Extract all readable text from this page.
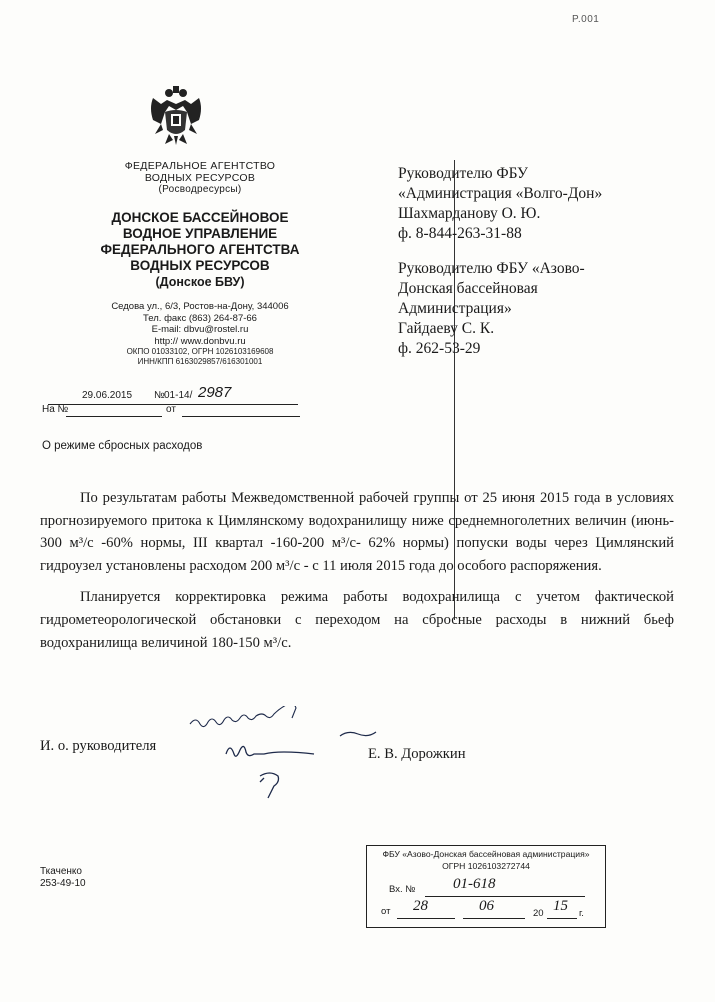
P.001
ФЕДЕРАЛЬНОЕ АГЕНТСТВО
ВОДНЫХ РЕСУРСОВ
(Росводресурсы)
ДОНСКОЕ БАССЕЙНОВОЕ
ВОДНОЕ УПРАВЛЕНИЕ
ФЕДЕРАЛЬНОГО АГЕНТСТВА
ВОДНЫХ РЕСУРСОВ
(Донское БВУ)
Седова ул., 6/3, Ростов-на-Дону, 344006
Тел. факс (863) 264-87-66
E-mail: dbvu@rostel.ru
http:// www.donbvu.ru
ОКПО 01033102, ОГРН 1026103169608
ИНН/КПП 6163029857/616301001
29.06.2015 № 01-14/ 2987
На №	от
Руководителю ФБУ
«Администрация «Волго-Дон»
Шахмарданову О. Ю.
ф. 8-844-263-31-88
Руководителю ФБУ «Азово-
Донская бассейновая
Администрация»
Гайдаеву С. К.
ф. 262-53-29
О режиме сбросных расходов

По результатам работы Межведомственной рабочей группы от 25 июня 2015 года в условиях прогнозируемого притока к Цимлянскому водохранилищу ниже среднемноголетних величин (июнь- 300 м³/с -60% нормы, III квартал -160-200 м³/с- 62% нормы) попуски воды через Цимлянский гидроузел установлены расходом 200 м³/с - с 11 июля 2015 года до особого распоряжения.

Планируется корректировка режима работы водохранилища с учетом фактической гидрометеорологической обстановки с переходом на сбросные расходы в нижний бьеф водохранилища величиной 180-150 м³/с.

И. о. руководителя	Е. В. Дорожкин
Ткаченко
253-49-10
ФБУ «Азово-Донская бассейновая администрация»
ОГРН 1026103272744
Вх. №	01-618
от 28	06	20 15 г.
